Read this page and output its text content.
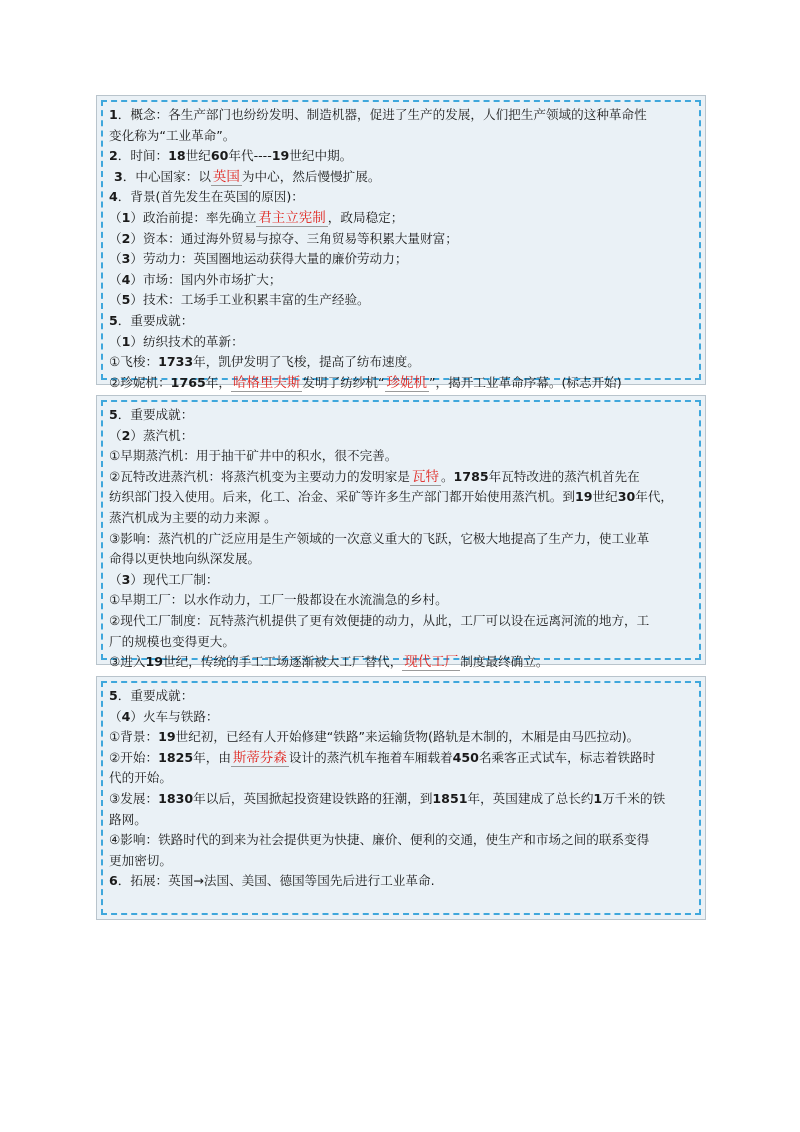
1．概念：各生产部门也纷纷发明、制造机器，促进了生产的发展，人们把生产领域的这种革命性
变化称为“工业革命”。
2．时间：18世纪60年代----19世纪中期。
3．中心国家：以 英国 为中心，然后慢慢扩展。
4．背景(首先发生在英国的原因)：
（1）政治前提：率先确立 君主立宪制 ，政局稳定；
（2）资本：通过海外贸易与掠夺、三角贸易等积累大量财富；
（3）劳动力：英国圈地运动获得大量的廉价劳动力；
（4）市场：国内外市场扩大；
（5）技术：工场手工业积累丰富的生产经验。
5．重要成就：
（1）纺织技术的革新：
①飞梭：1733年，凯伊发明了飞梭，提高了纺布速度。
②珍妮机：1765年， 哈格里夫斯 发明了纺纱机“ 珍妮机 ”，揭开工业革命序幕。(标志开始)
5．重要成就：
（2）蒸汽机：
①早期蒸汽机：用于抽干矿井中的积水，很不完善。
②瓦特改进蒸汽机：将蒸汽机变为主要动力的发明家是 瓦特 。1785年瓦特改进的蒸汽机首先在
纺织部门投入使用。后来，化工、冶金、采矿等许多生产部门都开始使用蒸汽机。到19世纪30年代，
蒸汽机成为主要的动力来源 。
③影响：蒸汽机的广泛应用是生产领域的一次意义重大的飞跃，它极大地提高了生产力，使工业革
命得以更快地向纵深发展。
（3）现代工厂制：
①早期工厂：以水作动力，工厂一般都设在水流湍急的乡村。
②现代工厂制度：瓦特蒸汽机提供了更有效便捷的动力，从此，工厂可以设在远离河流的地方，工
厂的规模也变得更大。
③进入19世纪，传统的手工工场逐渐被大工厂替代， 现代工厂 制度最终确立。
5．重要成就：
（4）火车与铁路：
①背景：19世纪初，已经有人开始修建“铁路”来运输货物(路轨是木制的，木厢是由马匹拉动)。
②开始：1825年，由 斯蒂芬森 设计的蒸汽机车拖着车厢载着450名乘客正式试车，标志着铁路时
代的开始。
③发展：1830年以后，英国掀起投资建设铁路的狂潮，到1851年，英国建成了总长约1万千米的铁
路网。
④影响：铁路时代的到来为社会提供更为快捷、廉价、便利的交通，使生产和市场之间的联系变得
更加密切。
6．拓展：英国→法国、美国、德国等国先后进行工业革命.
